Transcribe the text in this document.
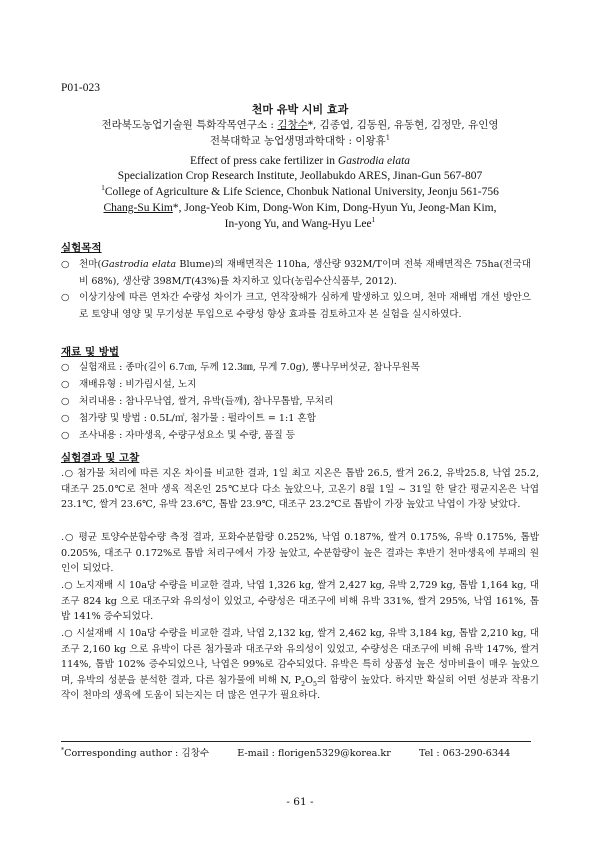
P01-023
천마 유박 시비 효과
전라북도농업기술원 특화작목연구소 : 김창수*, 김종엽, 김동원, 유동현, 김정만, 유인영
전북대학교 농업생명과학대학 : 이왕휴$^1$
Effect of press cake fertilizer in Gastrodia elata
Specialization Crop Research Institute, Jeollabukdo ARES, Jinan-Gun 567-807
$^1$College of Agriculture & Life Science, Chonbuk National University, Jeonju 561-756
Chang-Su Kim*, Jong-Yeob Kim, Dong-Won Kim, Dong-Hyun Yu, Jeong-Man Kim,
In-yong Yu, and Wang-Hyu Lee$^1$
실험목적
○ 천마(Gastrodia elata Blume)의 재배면적은 110ha, 생산량 932M/T이며 전북 재배면적은 75ha(전국대비 68%), 생산량 398M/T(43%)를 차지하고 있다(농림수산식품부, 2012).
○ 이상기상에 따른 연차간 수량성 차이가 크고, 연작장해가 심하게 발생하고 있으며, 천마 재배법 개선 방안으로 토양내 영양 및 무기성분 투입으로 수량성 향상 효과를 검토하고자 본 실험을 실시하였다.
재료 및 방법
○ 실험재료 : 종마(길이 6.7㎝, 두께 12.3㎜, 무게 7.0g), 뽕나무버섯균, 참나무원목
○ 재배유형 : 비가림시설, 노지
○ 처리내용 : 참나무낙엽, 쌀겨, 유박(들깨), 참나무톱밥, 무처리
○ 첨가량 및 방법 : 0.5L/㎡, 첨가물 : 펄라이트 = 1:1 혼합
○ 조사내용 : 자마생육, 수량구성요소 및 수량, 품질 등
실험결과 및 고찰
.○ 첨가물 처리에 따른 지온 차이를 비교한 결과, 1일 최고 지온은 톱밥 26.5, 쌀겨 26.2, 유박25.8, 낙엽 25.2, 대조구 25.0℃로 천마 생육 적온인 25℃보다 다소 높았으나, 고온기 8월 1일 ~ 31일 한 달간 평균지온은 낙엽 23.1℃, 쌀겨 23.6℃, 유박 23.6℃, 톱밥 23.9℃, 대조구 23.2℃로 톱밥이 가장 높았고 낙엽이 가장 낮았다.
.○ 평균 토양수분함수량 측정 결과, 포화수분함량 0.252%, 낙엽 0.187%, 쌀겨 0.175%, 유박 0.175%, 톱밥 0.205%, 대조구 0.172%로 톱밥 처리구에서 가장 높았고, 수분함량이 높은 결과는 후반기 천마생육에 부패의 원인이 되었다.
.○ 노지재배 시 10a당 수량을 비교한 결과, 낙엽 1,326 kg, 쌀겨 2,427 kg, 유박 2,729 kg, 톱밥 1,164 kg, 대조구 824 kg 으로 대조구와 유의성이 있었고, 수량성은 대조구에 비해 유박 331%, 쌀겨 295%, 낙엽 161%, 톱밥 141% 증수되었다.
.○ 시설재배 시 10a당 수량을 비교한 결과, 낙엽 2,132 kg, 쌀겨 2,462 kg, 유박 3,184 kg, 톱밥 2,210 kg, 대조구 2,160 kg 으로 유박이 다른 첨가물과 대조구와 유의성이 있었고, 수량성은 대조구에 비해 유박 147%, 쌀겨 114%, 톱밥 102% 증수되었으나, 낙엽은 99%로 감수되었다. 유박은 특히 상품성 높은 성마비율이 매우 높았으며, 유박의 성분을 분석한 결과, 다른 첨가물에 비해 N, $P_2O_5$의 함량이 높았다. 하지만 확실히 어떤 성분과 작용기작이 천마의 생육에 도움이 되는지는 더 많은 연구가 필요하다.
*Corresponding author : 김창수	E-mail : florigen5329@korea.kr	Tel : 063-290-6344
- 61 -
